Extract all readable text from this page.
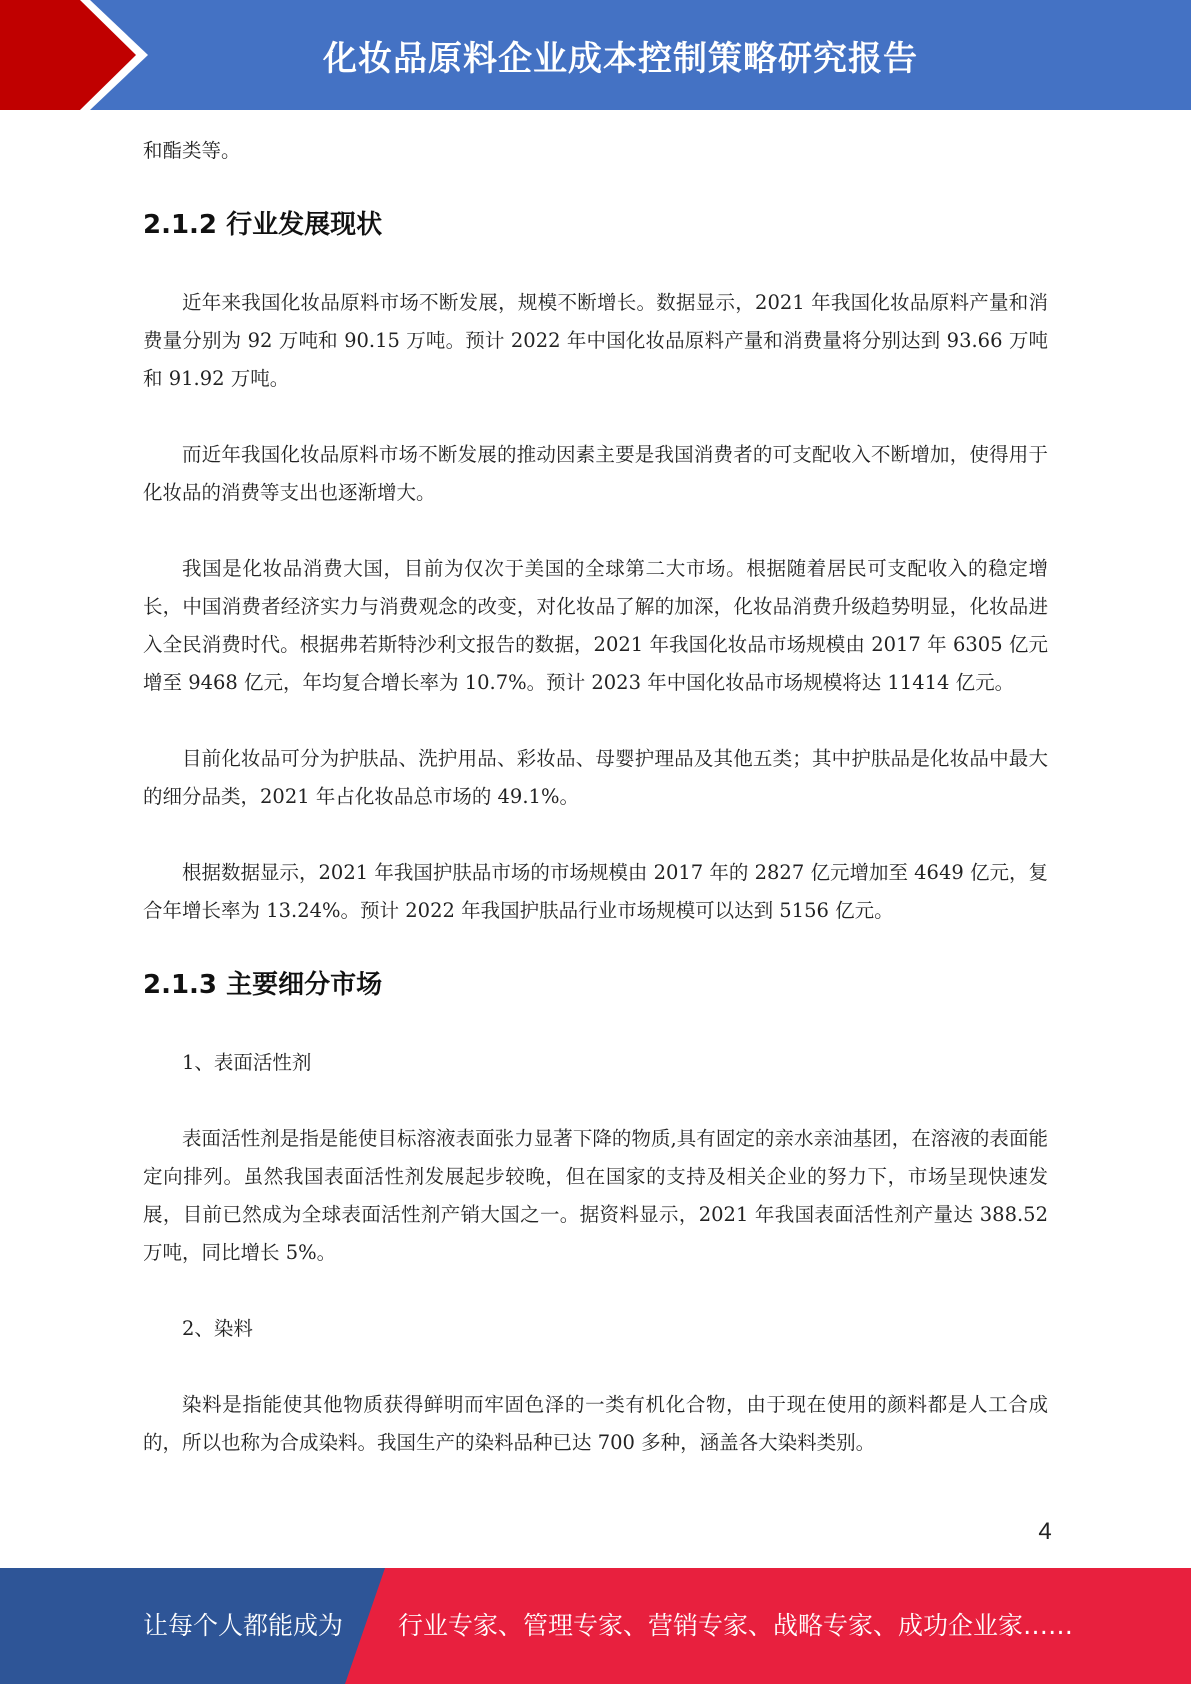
化妆品原料企业成本控制策略研究报告

和酯类等。

2.1.2 行业发展现状

近年来我国化妆品原料市场不断发展，规模不断增长。数据显示，2021 年我国化妆品原料产量和消费量分别为 92 万吨和 90.15 万吨。预计 2022 年中国化妆品原料产量和消费量将分别达到 93.66 万吨和 91.92 万吨。

而近年我国化妆品原料市场不断发展的推动因素主要是我国消费者的可支配收入不断增加，使得用于化妆品的消费等支出也逐渐增大。

我国是化妆品消费大国，目前为仅次于美国的全球第二大市场。根据随着居民可支配收入的稳定增长，中国消费者经济实力与消费观念的改变，对化妆品了解的加深，化妆品消费升级趋势明显，化妆品进入全民消费时代。根据弗若斯特沙利文报告的数据，2021 年我国化妆品市场规模由 2017 年 6305 亿元增至 9468 亿元，年均复合增长率为 10.7%。预计 2023 年中国化妆品市场规模将达 11414 亿元。

目前化妆品可分为护肤品、洗护用品、彩妆品、母婴护理品及其他五类；其中护肤品是化妆品中最大的细分品类，2021 年占化妆品总市场的 49.1%。

根据数据显示，2021 年我国护肤品市场的市场规模由 2017 年的 2827 亿元增加至 4649 亿元，复合年增长率为 13.24%。预计 2022 年我国护肤品行业市场规模可以达到 5156 亿元。

2.1.3 主要细分市场

1、表面活性剂

表面活性剂是指是能使目标溶液表面张力显著下降的物质,具有固定的亲水亲油基团，在溶液的表面能定向排列。虽然我国表面活性剂发展起步较晚，但在国家的支持及相关企业的努力下，市场呈现快速发展，目前已然成为全球表面活性剂产销大国之一。据资料显示，2021 年我国表面活性剂产量达 388.52 万吨，同比增长 5%。

2、染料

染料是指能使其他物质获得鲜明而牢固色泽的一类有机化合物，由于现在使用的颜料都是人工合成的，所以也称为合成染料。我国生产的染料品种已达 700 多种，涵盖各大染料类别。

4
让每个人都能成为 行业专家、管理专家、营销专家、战略专家、成功企业家……
